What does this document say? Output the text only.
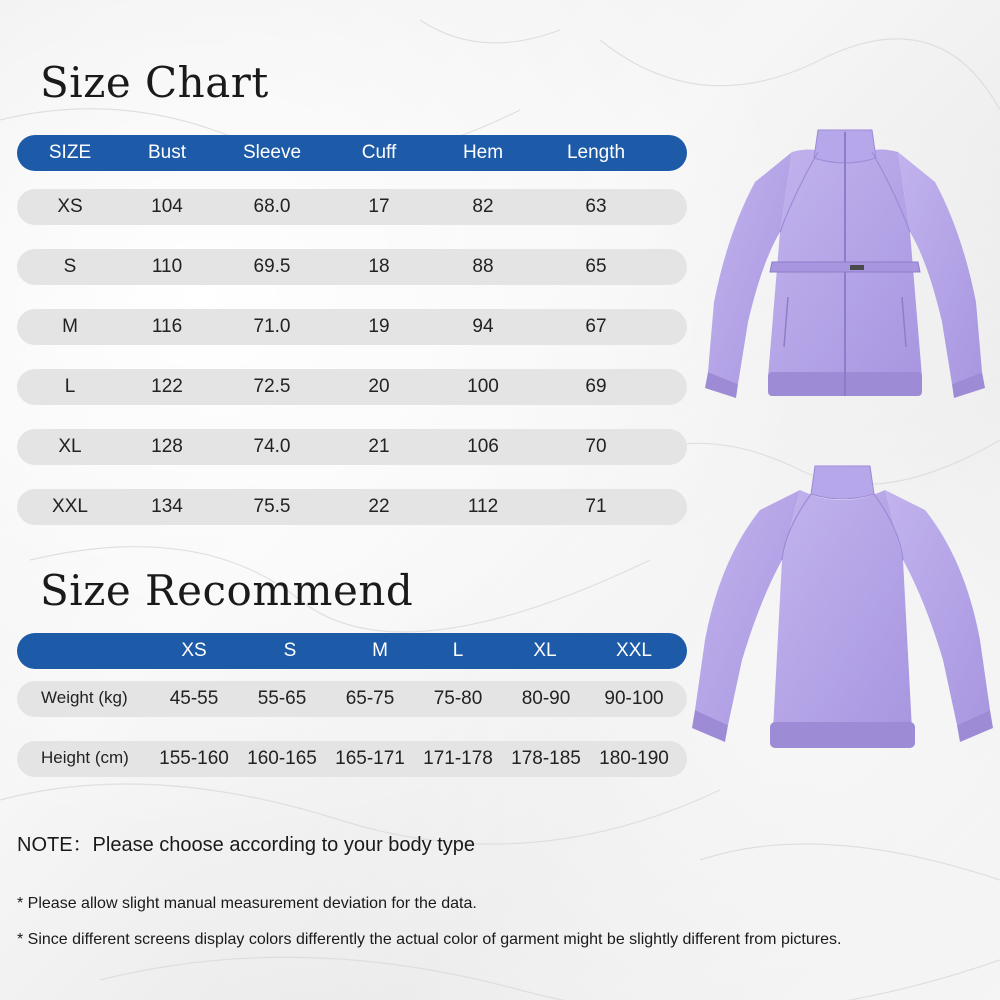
Size Chart
SIZE	Bust	Sleeve	Cuff	Hem	Length
XS	104	68.0	17	82	63
S	110	69.5	18	88	65
M	116	71.0	19	94	67
L	122	72.5	20	100	69
XL	128	74.0	21	106	70
XXL	134	75.5	22	112	71
Size Recommend
XS	S	M	L	XL	XXL
Weight (kg) 45-55 55-65 65-75 75-80 80-90 90-100
Height (cm) 155-160 160-165 165-171 171-178 178-185 180-190
NOTE：Please choose according to your body type
* Please allow slight manual measurement deviation for the data.
* Since different screens display colors differently the actual color of garment might be slightly different from pictures.
